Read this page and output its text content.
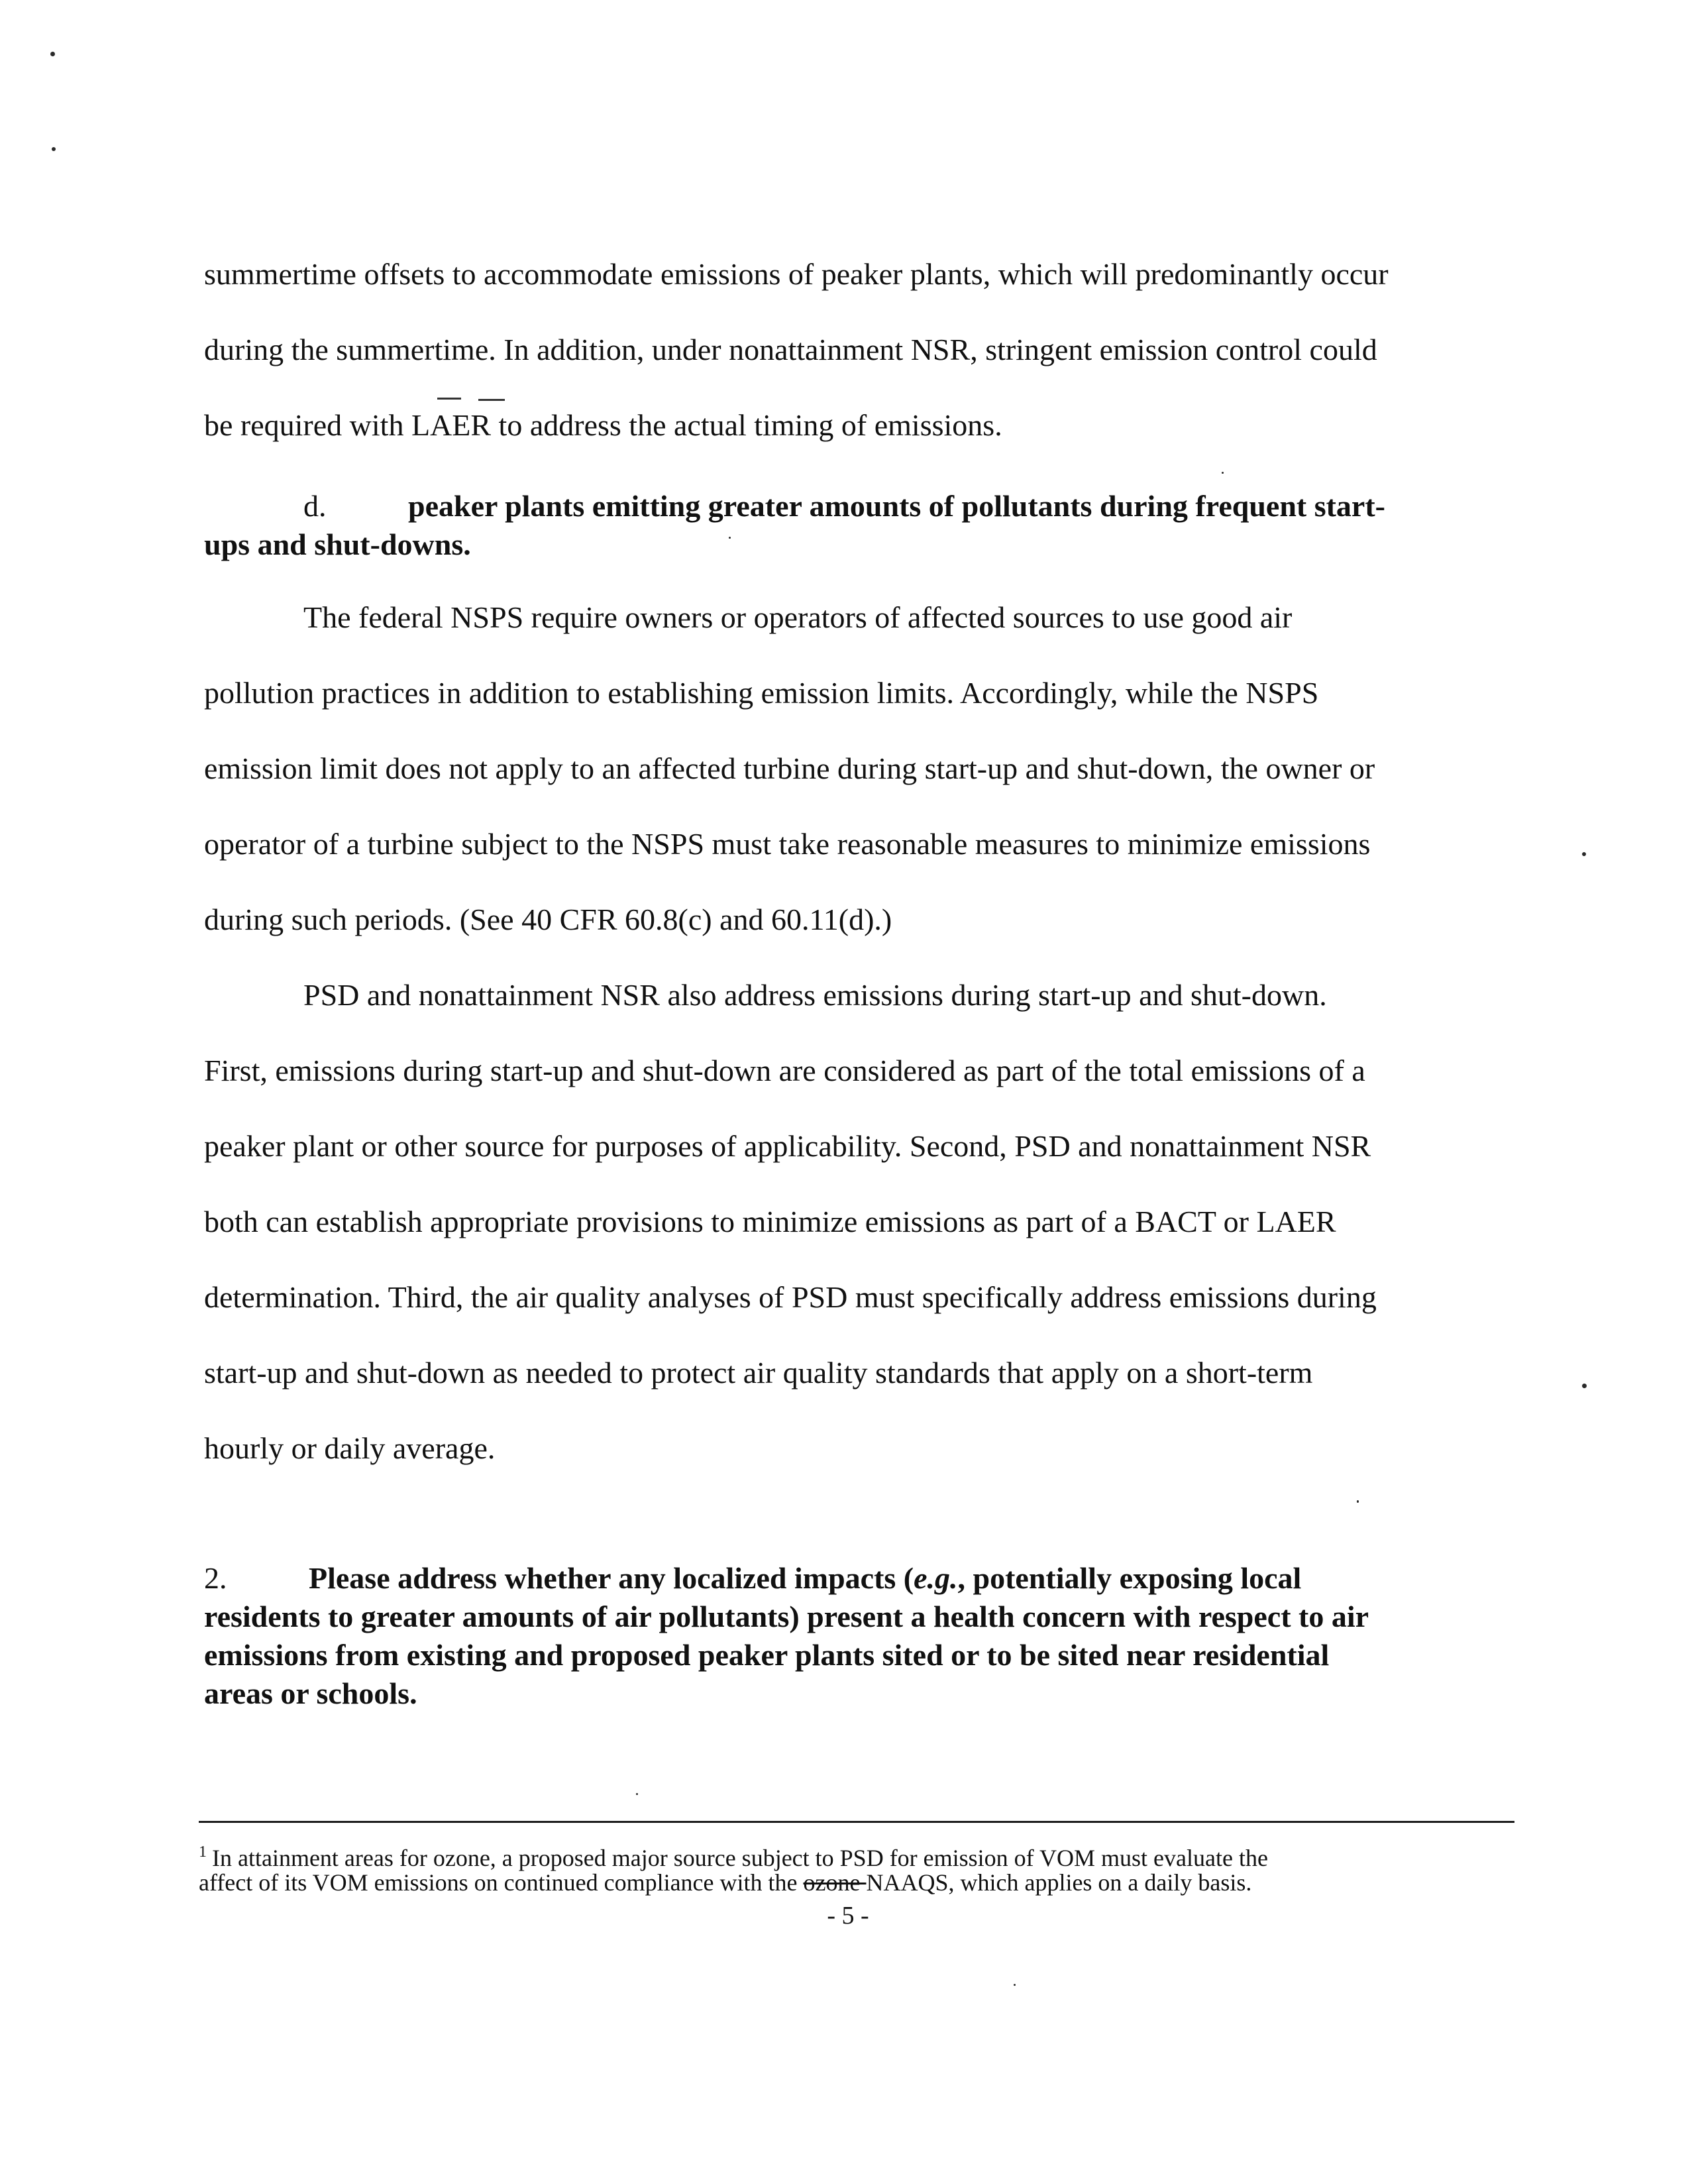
summertime offsets to accommodate emissions of peaker plants, which will predominantly occur
during the summertime. In addition, under nonattainment NSR, stringent emission control could
be required with LAER to address the actual timing of emissions.
d.	peaker plants emitting greater amounts of pollutants during frequent start-
ups and shut-downs.
The federal NSPS require owners or operators of affected sources to use good air
pollution practices in addition to establishing emission limits. Accordingly, while the NSPS
emission limit does not apply to an affected turbine during start-up and shut-down, the owner or
operator of a turbine subject to the NSPS must take reasonable measures to minimize emissions
during such periods. (See 40 CFR 60.8(c) and 60.11(d).)
PSD and nonattainment NSR also address emissions during start-up and shut-down.
First, emissions during start-up and shut-down are considered as part of the total emissions of a
peaker plant or other source for purposes of applicability. Second, PSD and nonattainment NSR
both can establish appropriate provisions to minimize emissions as part of a BACT or LAER
determination. Third, the air quality analyses of PSD must specifically address emissions during
start-up and shut-down as needed to protect air quality standards that apply on a short-term
hourly or daily average.
2.	Please address whether any localized impacts (e.g., potentially exposing local
residents to greater amounts of air pollutants) present a health concern with respect to air
emissions from existing and proposed peaker plants sited or to be sited near residential
areas or schools.
$^1$ In attainment areas for ozone, a proposed major source subject to PSD for emission of VOM must evaluate the
affect of its VOM emissions on continued compliance with the ozone NAAQS, which applies on a daily basis.
- 5 -
